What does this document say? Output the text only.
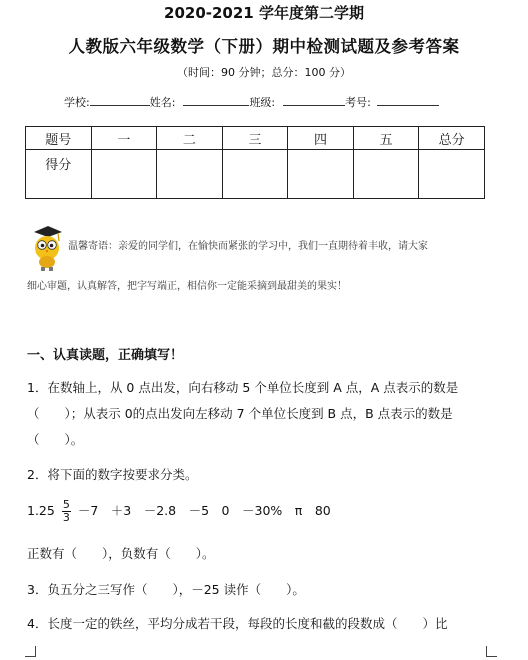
2020-2021 学年度第二学期
人教版六年级数学（下册）期中检测试题及参考答案
（时间：90 分钟；总分：100 分）
学校:	姓名:	班级:	考号:
题号	一	二	三	四	五	总分
得分						
温馨寄语：亲爱的同学们，在愉快而紧张的学习中，我们一直期待着丰收，请大家
细心审题，认真解答，把字写端正，相信你一定能采摘到最甜美的果实！
一、认真读题，正确填写！
1．在数轴上，从 0 点出发，向右移动 5 个单位长度到 A 点，A 点表示的数是
（　　）；从表示 0的点出发向左移动 7 个单位长度到 B 点，B 点表示的数是
（　　）。
2．将下面的数字按要求分类。
$1.25 \frac{5}{3} -7$　＋3　－2.8　－5　0　－30%　π　80
正数有（　　），负数有（　　）。
3．负五分之三写作（　　），－25 读作（　　）。
4．长度一定的铁丝，平均分成若干段，每段的长度和截的段数成（　　）比
